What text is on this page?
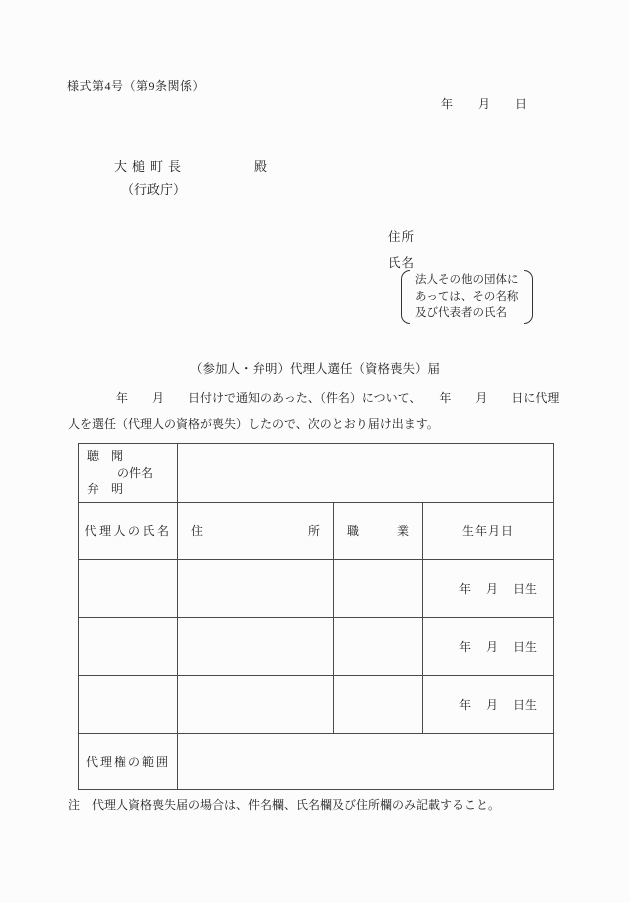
様式第4号（第9条関係）
年 月 日
大槌町長	殿
（行政庁）
住所
氏名
法人その他の団体に
あっては、その名称
及び代表者の氏名
（参加人・弁明）代理人選任（資格喪失）届
　　　　年　　月　　日付けで通知のあった、（件名）について、　　年　　月　　日に代理
人を選任（代理人の資格が喪失）したので、次のとおり届け出ます。
聴聞
の件名
弁明			

代理人の氏名	住 所	職 業	生年月日

			年 月 日生

			年 月 日生

			年 月 日生

代理権の範囲			
注　代理人資格喪失届の場合は、件名欄、氏名欄及び住所欄のみ記載すること。
